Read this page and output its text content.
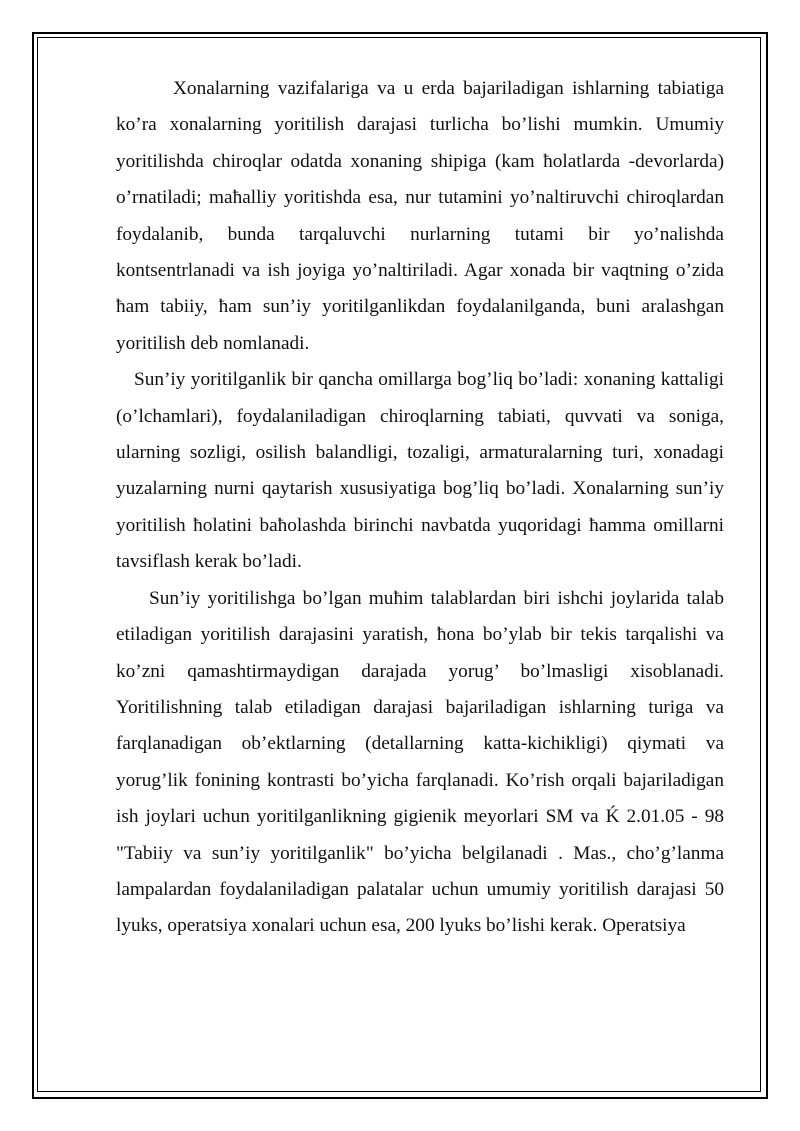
Xonalarning vazifalariga va u erda bajariladigan ishlarning tabiatiga ko’ra xonalarning yoritilish darajasi turlicha bo’lishi mumkin. Umumiy yoritilishda chiroqlar odatda xonaning shipiga (kam ħolatlarda -devorlarda) o’rnatiladi; maħalliy yoritishda esa, nur tutamini yo’naltiruvchi chiroqlardan foydalanib, bunda tarqaluvchi nurlarning tutami bir yo’nalishda kontsentrlanadi va ish joyiga yo’naltiriladi. Agar xonada bir vaqtning o’zida ħam tabiiy, ħam sun’iy yoritilganlikdan foydalanilganda, buni aralashgan yoritilish deb nomlanadi.

Sun’iy yoritilganlik bir qancha omillarga bog’liq bo’ladi: xonaning kattaligi (o’lchamlari), foydalaniladigan chiroqlarning tabiati, quvvati va soniga, ularning sozligi, osilish balandligi, tozaligi, armaturalarning turi, xonadagi yuzalarning nurni qaytarish xususiyatiga bog’liq bo’ladi. Xonalarning sun’iy yoritilish ħolatini baħolashda birinchi navbatda yuqoridagi ħamma omillarni tavsiflash kerak bo’ladi.

Sun’iy yoritilishga bo’lgan muħim talablardan biri ishchi joylarida talab etiladigan yoritilish darajasini yaratish, ħona bo’ylab bir tekis tarqalishi va ko’zni qamashtirmaydigan darajada yorug’ bo’lmasligi xisoblanadi. Yoritilishning talab etiladigan darajasi bajariladigan ishlarning turiga va farqlanadigan ob’ektlarning (detallarning katta-kichikligi) qiymati va yorug’lik fonining kontrasti bo’yicha farqlanadi. Ko’rish orqali bajariladigan ish joylari uchun yoritilganlikning gigienik meyorlari SM va Ḱ 2.01.05 - 98 "Tabiiy va sun’iy yoritilganlik" bo’yicha belgilanadi . Mas., cho’g’lanma lampalardan foydalaniladigan palatalar uchun umumiy yoritilish darajasi 50 lyuks, operatsiya xonalari uchun esa, 200 lyuks bo’lishi kerak. Operatsiya
